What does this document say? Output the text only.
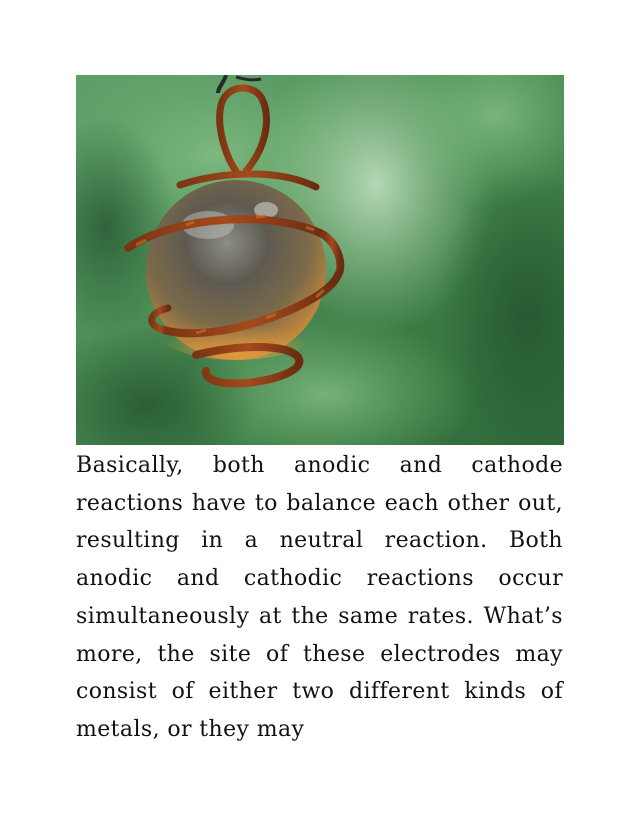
Basically, both anodic and cathode reactions have to balance each other out, resulting in a neutral reaction. Both anodic and cathodic reactions occur simultaneously at the same rates. What’s more, the site of these electrodes may consist of either two different kinds of metals, or they may
